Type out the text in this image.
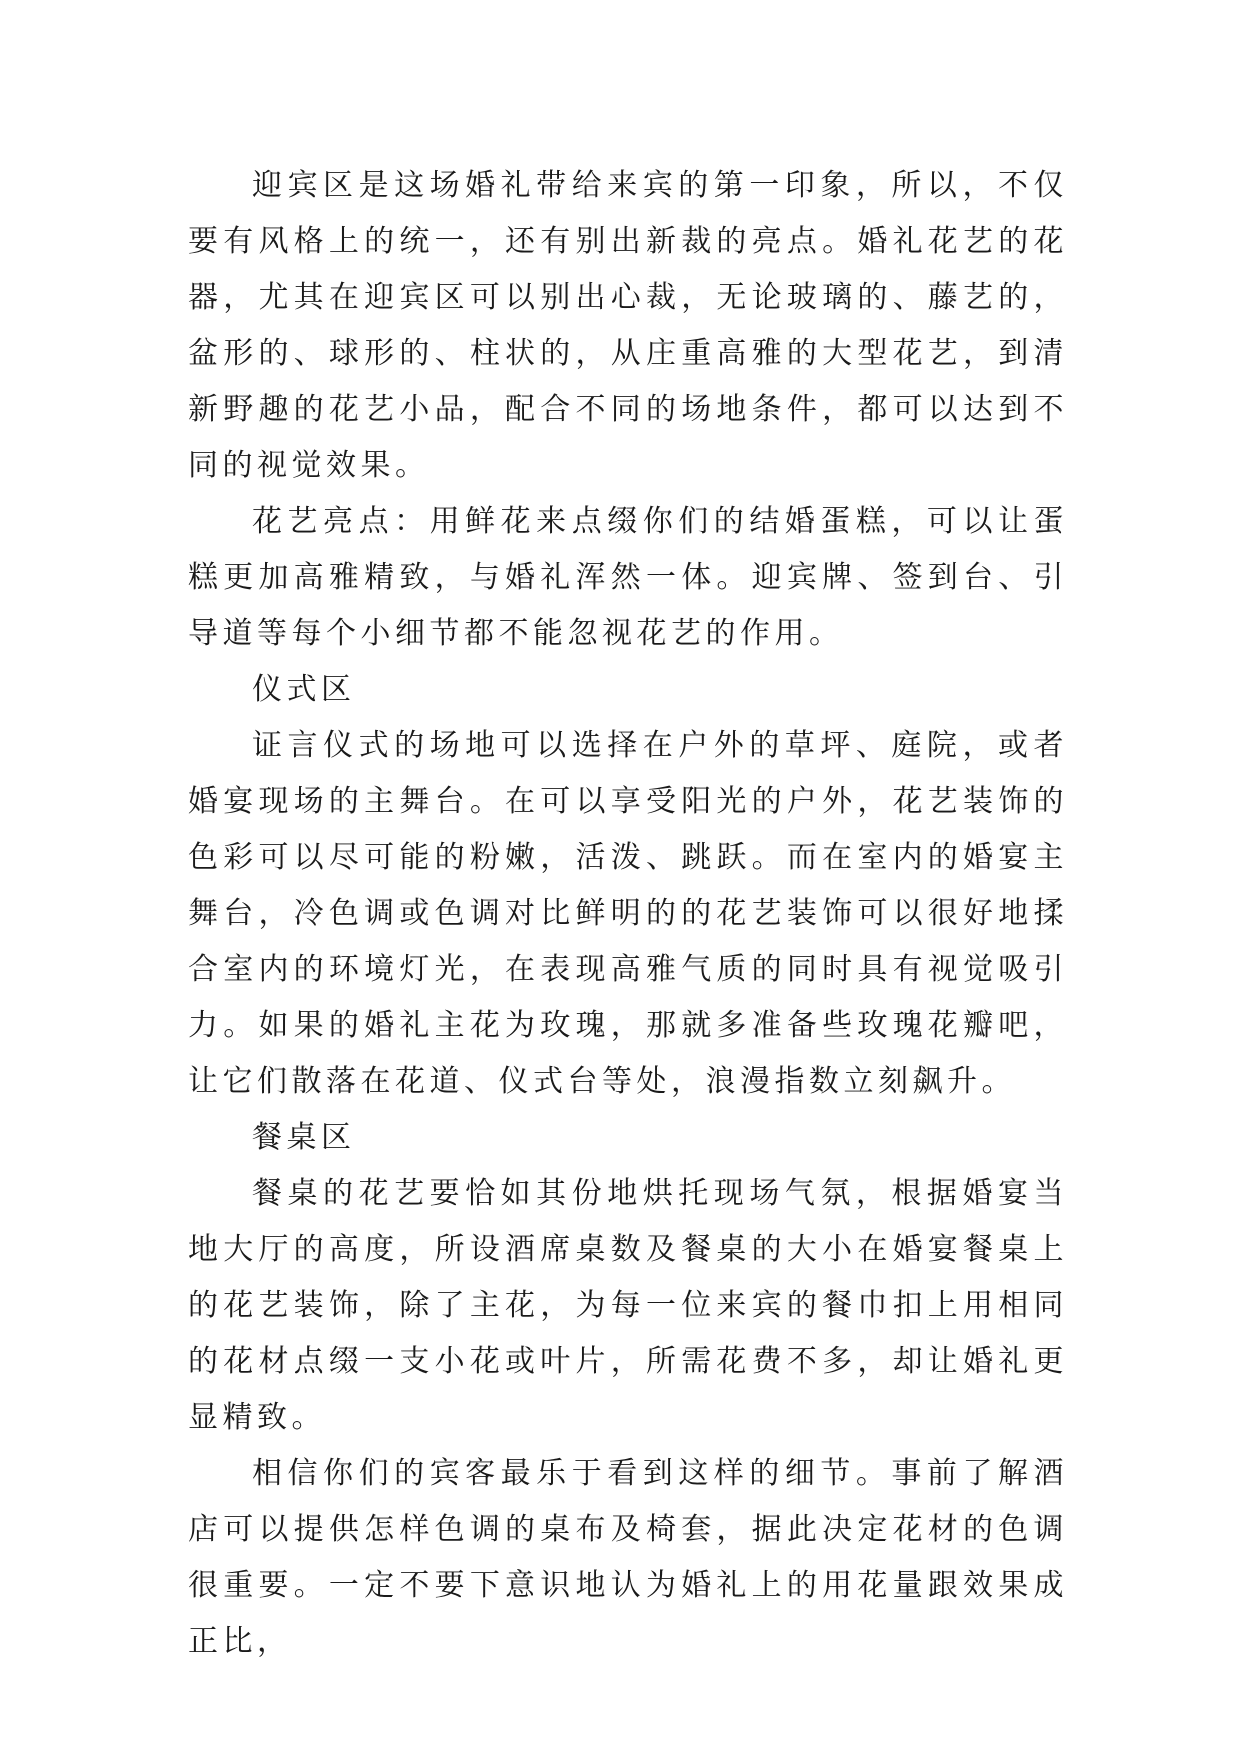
迎宾区是这场婚礼带给来宾的第一印象，所以，不仅要有风格上的统一，还有别出新裁的亮点。婚礼花艺的花器，尤其在迎宾区可以别出心裁，无论玻璃的、藤艺的，盆形的、球形的、柱状的，从庄重高雅的大型花艺，到清新野趣的花艺小品，配合不同的场地条件，都可以达到不同的视觉效果。

花艺亮点：用鲜花来点缀你们的结婚蛋糕，可以让蛋糕更加高雅精致，与婚礼浑然一体。迎宾牌、签到台、引导道等每个小细节都不能忽视花艺的作用。

仪式区

证言仪式的场地可以选择在户外的草坪、庭院，或者婚宴现场的主舞台。在可以享受阳光的户外，花艺装饰的色彩可以尽可能的粉嫩，活泼、跳跃。而在室内的婚宴主舞台，冷色调或色调对比鲜明的的花艺装饰可以很好地揉合室内的环境灯光，在表现高雅气质的同时具有视觉吸引力。如果的婚礼主花为玫瑰，那就多准备些玫瑰花瓣吧，让它们散落在花道、仪式台等处，浪漫指数立刻飙升。

餐桌区

餐桌的花艺要恰如其份地烘托现场气氛，根据婚宴当地大厅的高度，所设酒席桌数及餐桌的大小在婚宴餐桌上的花艺装饰，除了主花，为每一位来宾的餐巾扣上用相同的花材点缀一支小花或叶片，所需花费不多，却让婚礼更显精致。

相信你们的宾客最乐于看到这样的细节。事前了解酒店可以提供怎样色调的桌布及椅套，据此决定花材的色调很重要。一定不要下意识地认为婚礼上的用花量跟效果成正比，
